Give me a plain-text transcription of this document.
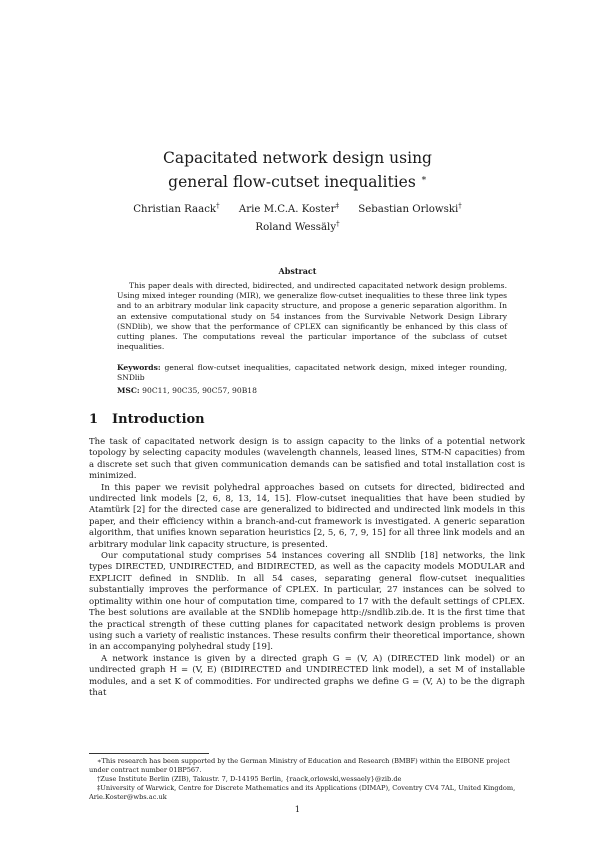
Capacitated network design using
general flow-cutset inequalities ∗
Christian Raack† Arie M.C.A. Koster‡ Sebastian Orlowski†
Roland Wessäly†
Abstract
This paper deals with directed, bidirected, and undirected capacitated network design problems. Using mixed integer rounding (MIR), we generalize flow-cutset inequalities to these three link types and to an arbitrary modular link capacity structure, and propose a generic separation algorithm. In an extensive computational study on 54 instances from the Survivable Network Design Library (SNDlib), we show that the performance of CPLEX can significantly be enhanced by this class of cutting planes. The computations reveal the particular importance of the subclass of cutset inequalities.
Keywords: general flow-cutset inequalities, capacitated network design, mixed integer rounding, SNDlib
MSC: 90C11, 90C35, 90C57, 90B18
1 Introduction

The task of capacitated network design is to assign capacity to the links of a potential network topology by selecting capacity modules (wavelength channels, leased lines, STM-N capacities) from a discrete set such that given communication demands can be satisfied and total installation cost is minimized.

In this paper we revisit polyhedral approaches based on cutsets for directed, bidirected and undirected link models [2, 6, 8, 13, 14, 15]. Flow-cutset inequalities that have been studied by Atamtürk [2] for the directed case are generalized to bidirected and undirected link models in this paper, and their efficiency within a branch-and-cut framework is investigated. A generic separation algorithm, that unifies known separation heuristics [2, 5, 6, 7, 9, 15] for all three link models and an arbitrary modular link capacity structure, is presented.

Our computational study comprises 54 instances covering all SNDlib [18] networks, the link types DIRECTED, UNDIRECTED, and BIDIRECTED, as well as the capacity models MODULAR and EXPLICIT defined in SNDlib. In all 54 cases, separating general flow-cutset inequalities substantially improves the performance of CPLEX. In particular, 27 instances can be solved to optimality within one hour of computation time, compared to 17 with the default settings of CPLEX. The best solutions are available at the SNDlib homepage http://sndlib.zib.de. It is the first time that the practical strength of these cutting planes for capacitated network design problems is proven using such a variety of realistic instances. These results confirm their theoretical importance, shown in an accompanying polyhedral study [19].

A network instance is given by a directed graph G = (V, A) (DIRECTED link model) or an undirected graph H = (V, E) (BIDIRECTED and UNDIRECTED link model), a set M of installable modules, and a set K of commodities. For undirected graphs we define G = (V, A) to be the digraph that

∗This research has been supported by the German Ministry of Education and Research (BMBF) within the EIBONE project under contract number 01BP567.

†Zuse Institute Berlin (ZIB), Takustr. 7, D-14195 Berlin, {raack,orlowski,wessaely}@zib.de

‡University of Warwick, Centre for Discrete Mathematics and its Applications (DIMAP), Coventry CV4 7AL, United Kingdom, Arie.Koster@wbs.ac.uk

1
